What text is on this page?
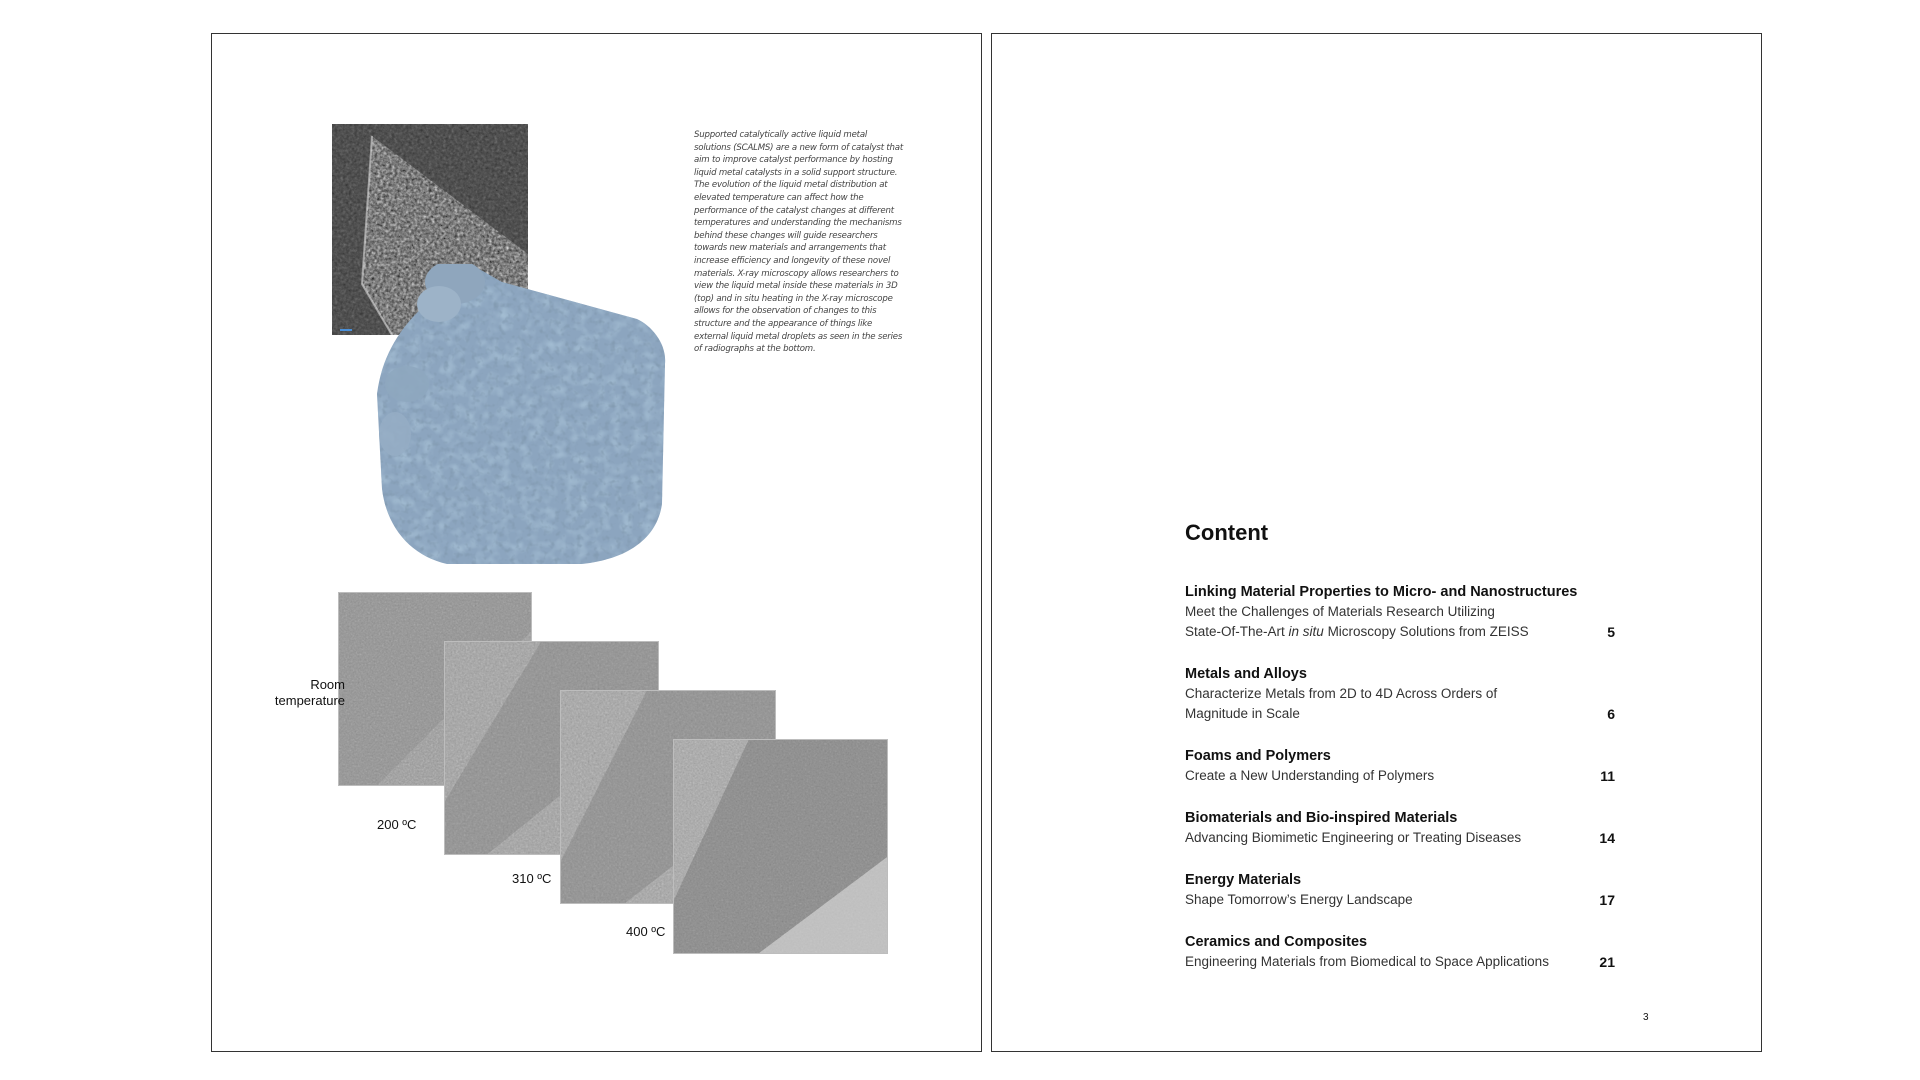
Supported catalytically active liquid metal solutions (SCALMS) are a new form of catalyst that aim to improve catalyst performance by hosting liquid metal catalysts in a solid support structure. The evolution of the liquid metal distribution at elevated temperature can affect how the performance of the catalyst changes at different temperatures and understanding the mechanisms behind these changes will guide researchers towards new materials and arrangements that increase efficiency and longevity of these novel materials. X-ray microscopy allows researchers to view the liquid metal inside these materials in 3D (top) and in situ heating in the X-ray microscope allows for the observation of changes to this structure and the appearance of things like external liquid metal droplets as seen in the series of radiographs at the bottom.
Room temperature
200 ºC
310 ºC
400 ºC
Content
Linking Material Properties to Micro- and Nanostructures
Meet the Challenges of Materials Research Utilizing
State-Of-The-Art in situ Microscopy Solutions from ZEISS	5
Metals and Alloys
Characterize Metals from 2D to 4D Across Orders of
Magnitude in Scale	6
Foams and Polymers
Create a New Understanding of Polymers	11
Biomaterials and Bio-inspired Materials
Advancing Biomimetic Engineering or Treating Diseases	14
Energy Materials
Shape Tomorrow’s Energy Landscape	17
Ceramics and Composites
Engineering Materials from Biomedical to Space Applications	21
3
